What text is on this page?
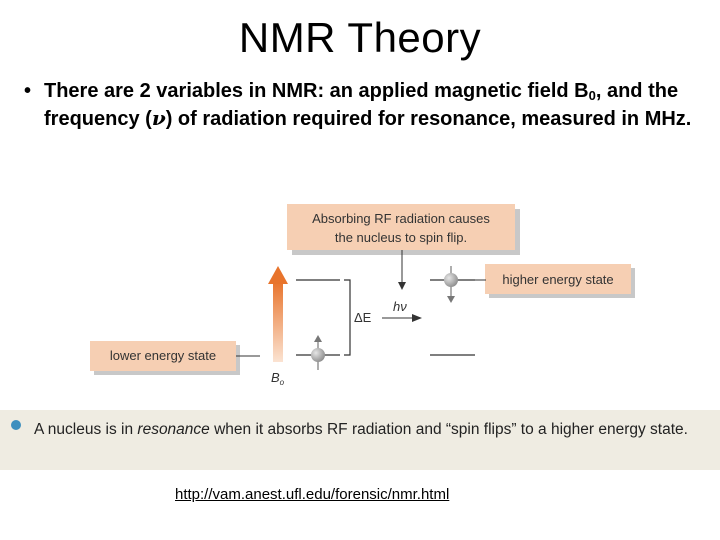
NMR Theory
• There are 2 variables in NMR: an applied magnetic field $B_0$, and the frequency (ν) of radiation required for resonance, measured in MHz.
Absorbing RF radiation causes
the nucleus to spin flip.
higher energy state
lower energy state
$B_o$
ΔE
hν
A nucleus is in resonance when it absorbs RF radiation and “spin flips” to a higher energy state.
http://vam.anest.ufl.edu/forensic/nmr.html
